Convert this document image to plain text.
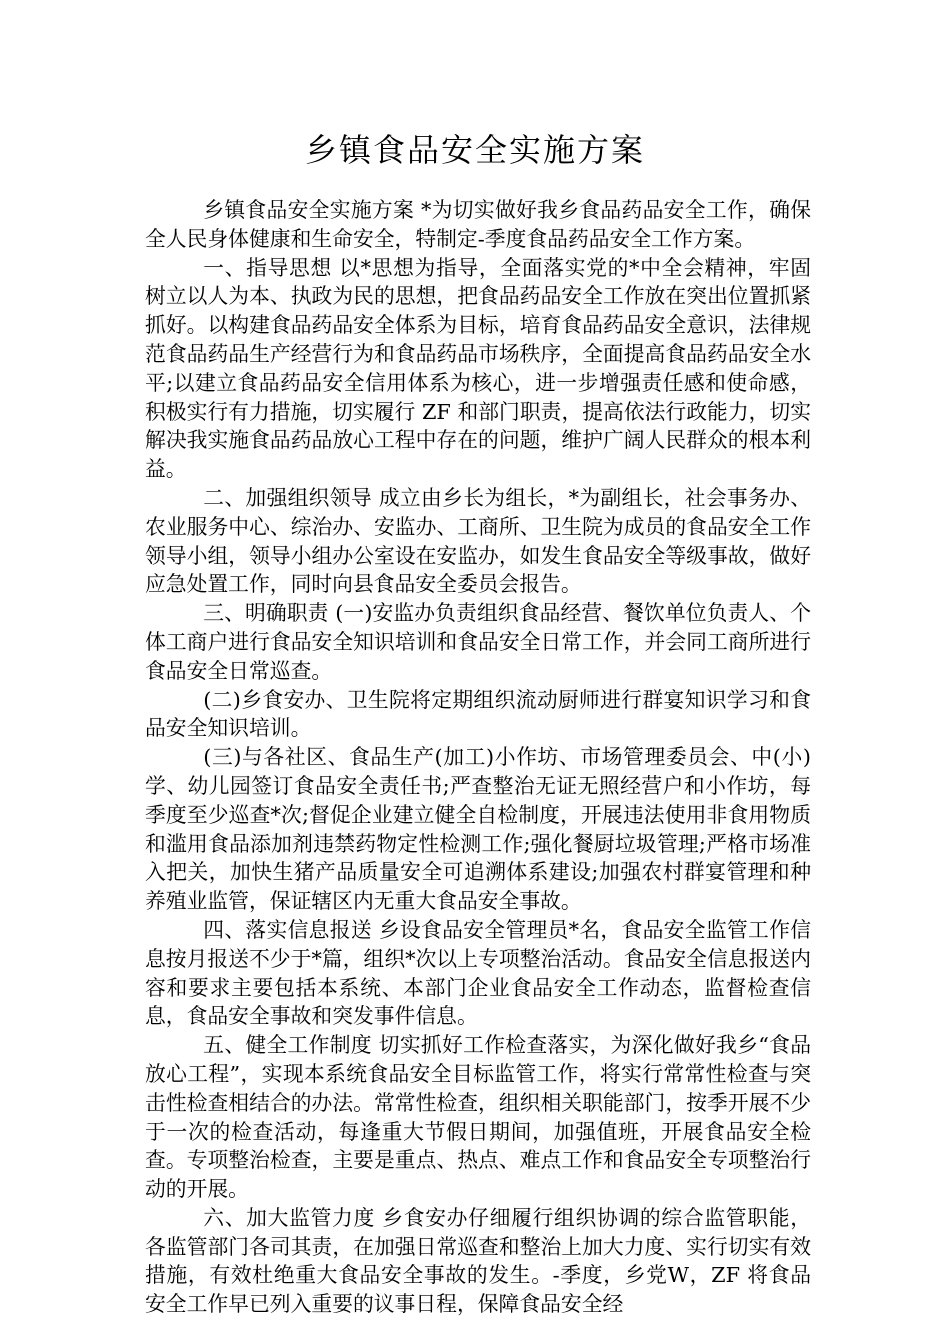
乡镇食品安全实施方案

乡镇食品安全实施方案 *为切实做好我乡食品药品安全工作，确保全人民身体健康和生命安全，特制定-季度食品药品安全工作方案。

一、指导思想 以*思想为指导，全面落实党的*中全会精神，牢固树立以人为本、执政为民的思想，把食品药品安全工作放在突出位置抓紧抓好。以构建食品药品安全体系为目标，培育食品药品安全意识，法律规范食品药品生产经营行为和食品药品市场秩序，全面提高食品药品安全水平;以建立食品药品安全信用体系为核心，进一步增强责任感和使命感，积极实行有力措施，切实履行 ZF 和部门职责，提高依法行政能力，切实解决我实施食品药品放心工程中存在的问题，维护广阔人民群众的根本利益。

二、加强组织领导 成立由乡长为组长，*为副组长，社会事务办、农业服务中心、综治办、安监办、工商所、卫生院为成员的食品安全工作领导小组，领导小组办公室设在安监办，如发生食品安全等级事故，做好应急处置工作，同时向县食品安全委员会报告。

三、明确职责 (一)安监办负责组织食品经营、餐饮单位负责人、个体工商户进行食品安全知识培训和食品安全日常工作，并会同工商所进行食品安全日常巡查。

(二)乡食安办、卫生院将定期组织流动厨师进行群宴知识学习和食品安全知识培训。

(三)与各社区、食品生产(加工)小作坊、市场管理委员会、中(小)学、幼儿园签订食品安全责任书;严查整治无证无照经营户和小作坊，每季度至少巡查*次;督促企业建立健全自检制度，开展违法使用非食用物质和滥用食品添加剂违禁药物定性检测工作;强化餐厨垃圾管理;严格市场准入把关，加快生猪产品质量安全可追溯体系建设;加强农村群宴管理和种养殖业监管，保证辖区内无重大食品安全事故。

四、落实信息报送 乡设食品安全管理员*名，食品安全监管工作信息按月报送不少于*篇，组织*次以上专项整治活动。食品安全信息报送内容和要求主要包括本系统、本部门企业食品安全工作动态，监督检查信息，食品安全事故和突发事件信息。

五、健全工作制度 切实抓好工作检查落实，为深化做好我乡“食品放心工程”，实现本系统食品安全目标监管工作，将实行常常性检查与突击性检查相结合的办法。常常性检查，组织相关职能部门，按季开展不少于一次的检查活动，每逢重大节假日期间，加强值班，开展食品安全检查。专项整治检查，主要是重点、热点、难点工作和食品安全专项整治行动的开展。

六、加大监管力度 乡食安办仔细履行组织协调的综合监管职能，各监管部门各司其责，在加强日常巡查和整治上加大力度、实行切实有效措施，有效杜绝重大食品安全事故的发生。-季度，乡党W，ZF 将食品安全工作早已列入重要的议事日程，保障食品安全经
